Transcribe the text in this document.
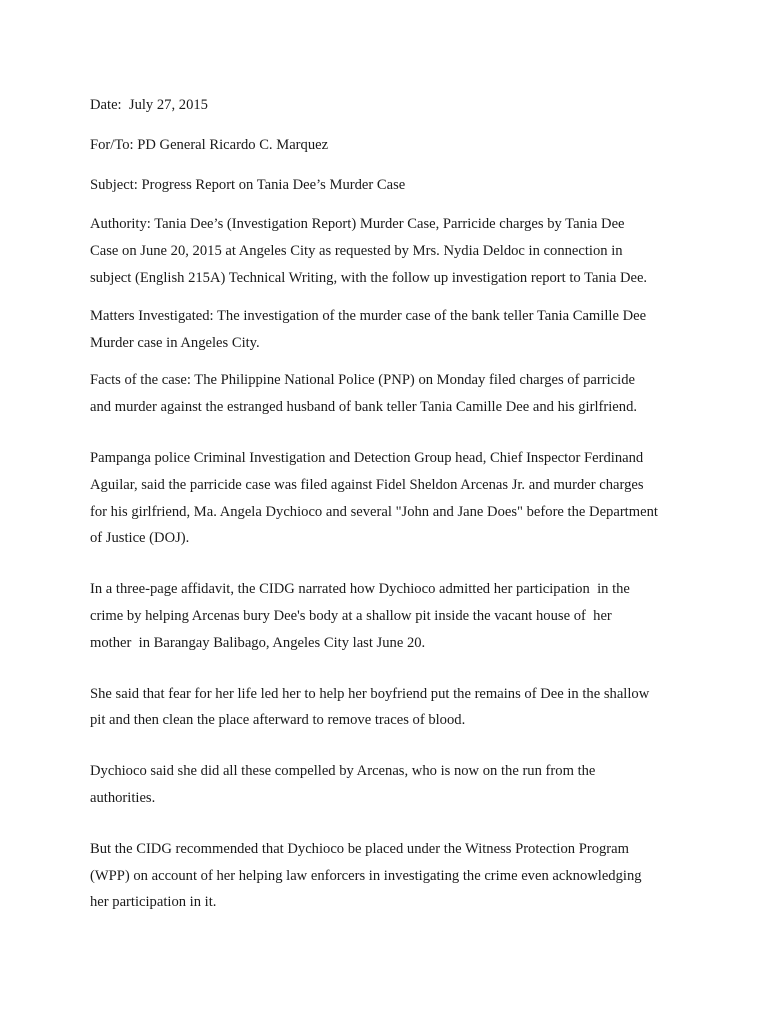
Date:  July 27, 2015

For/To: PD General Ricardo C. Marquez

Subject: Progress Report on Tania Dee’s Murder Case

Authority: Tania Dee’s (Investigation Report) Murder Case, Parricide charges by Tania Dee
Case on June 20, 2015 at Angeles City as requested by Mrs. Nydia Deldoc in connection in
subject (English 215A) Technical Writing, with the follow up investigation report to Tania Dee.

Matters Investigated: The investigation of the murder case of the bank teller Tania Camille Dee
Murder case in Angeles City.

Facts of the case: The Philippine National Police (PNP) on Monday filed charges of parricide
and murder against the estranged husband of bank teller Tania Camille Dee and his girlfriend.

Pampanga police Criminal Investigation and Detection Group head, Chief Inspector Ferdinand
Aguilar, said the parricide case was filed against Fidel Sheldon Arcenas Jr. and murder charges
for his girlfriend, Ma. Angela Dychioco and several "John and Jane Does" before the Department
of Justice (DOJ).

In a three-page affidavit, the CIDG narrated how Dychioco admitted her participation  in the
crime by helping Arcenas bury Dee's body at a shallow pit inside the vacant house of  her
mother  in Barangay Balibago, Angeles City last June 20.

She said that fear for her life led her to help her boyfriend put the remains of Dee in the shallow
pit and then clean the place afterward to remove traces of blood.

Dychioco said she did all these compelled by Arcenas, who is now on the run from the
authorities.

But the CIDG recommended that Dychioco be placed under the Witness Protection Program
(WPP) on account of her helping law enforcers in investigating the crime even acknowledging
her participation in it.
